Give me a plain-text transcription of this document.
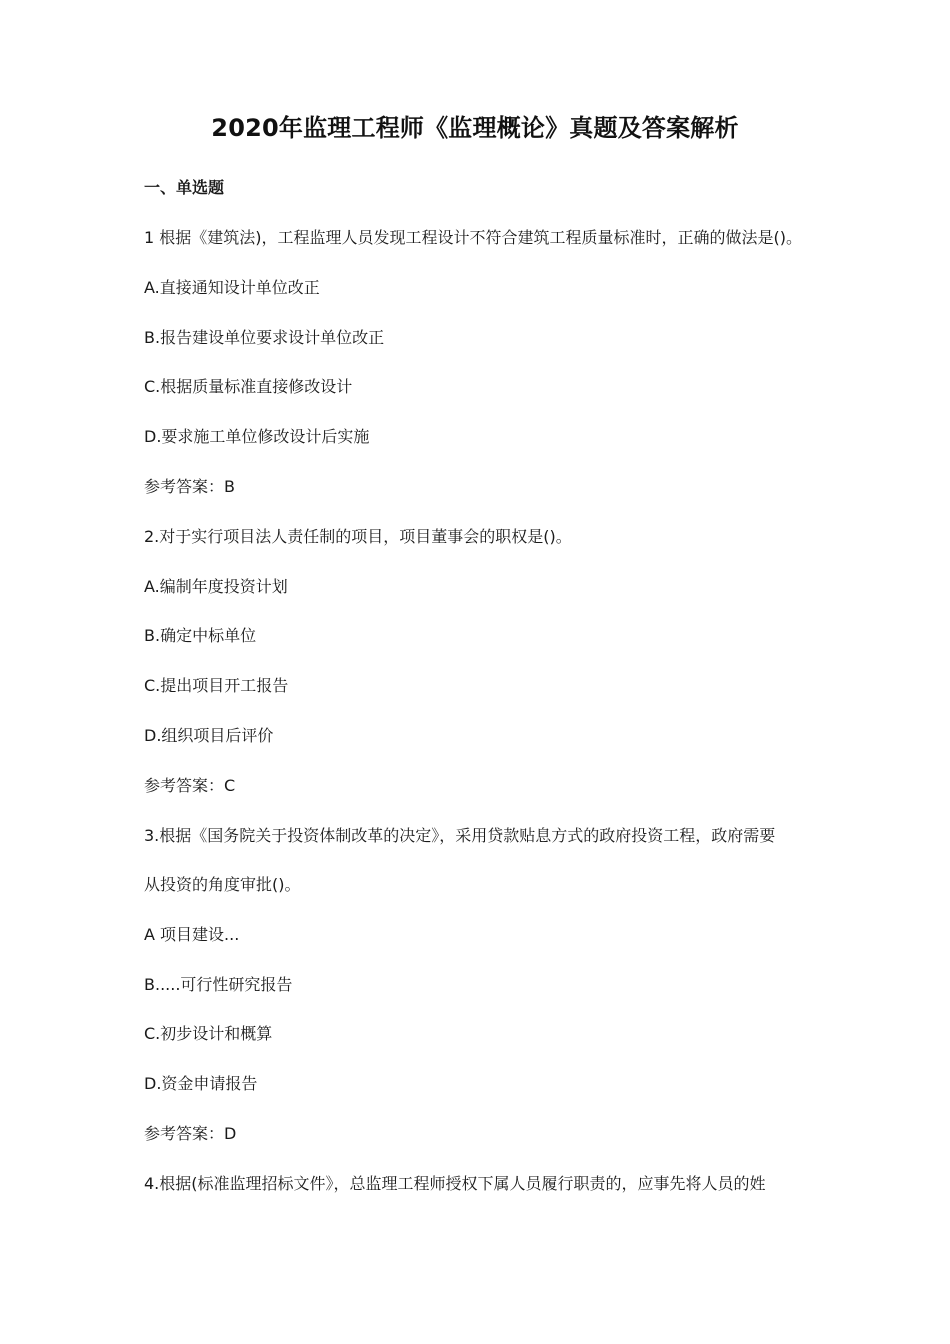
2020年监理工程师《监理概论》真题及答案解析
一、单选题
1 根据《建筑法)，工程监理人员发现工程设计不符合建筑工程质量标准时，正确的做法是()。
A.直接通知设计单位改正
B.报告建设单位要求设计单位改正
C.根据质量标准直接修改设计
D.要求施工单位修改设计后实施
参考答案：B
2.对于实行项目法人责任制的项目，项目董事会的职权是()。
A.编制年度投资计划
B.确定中标单位
C.提出项目开工报告
D.组织项目后评价
参考答案：C
3.根据《国务院关于投资体制改革的决定》，采用贷款贴息方式的政府投资工程，政府需要
从投资的角度审批()。
A 项目建设...
B.....可行性研究报告
C.初步设计和概算
D.资金申请报告
参考答案：D
4.根据(标准监理招标文件》，总监理工程师授权下属人员履行职责的，应事先将人员的姓
